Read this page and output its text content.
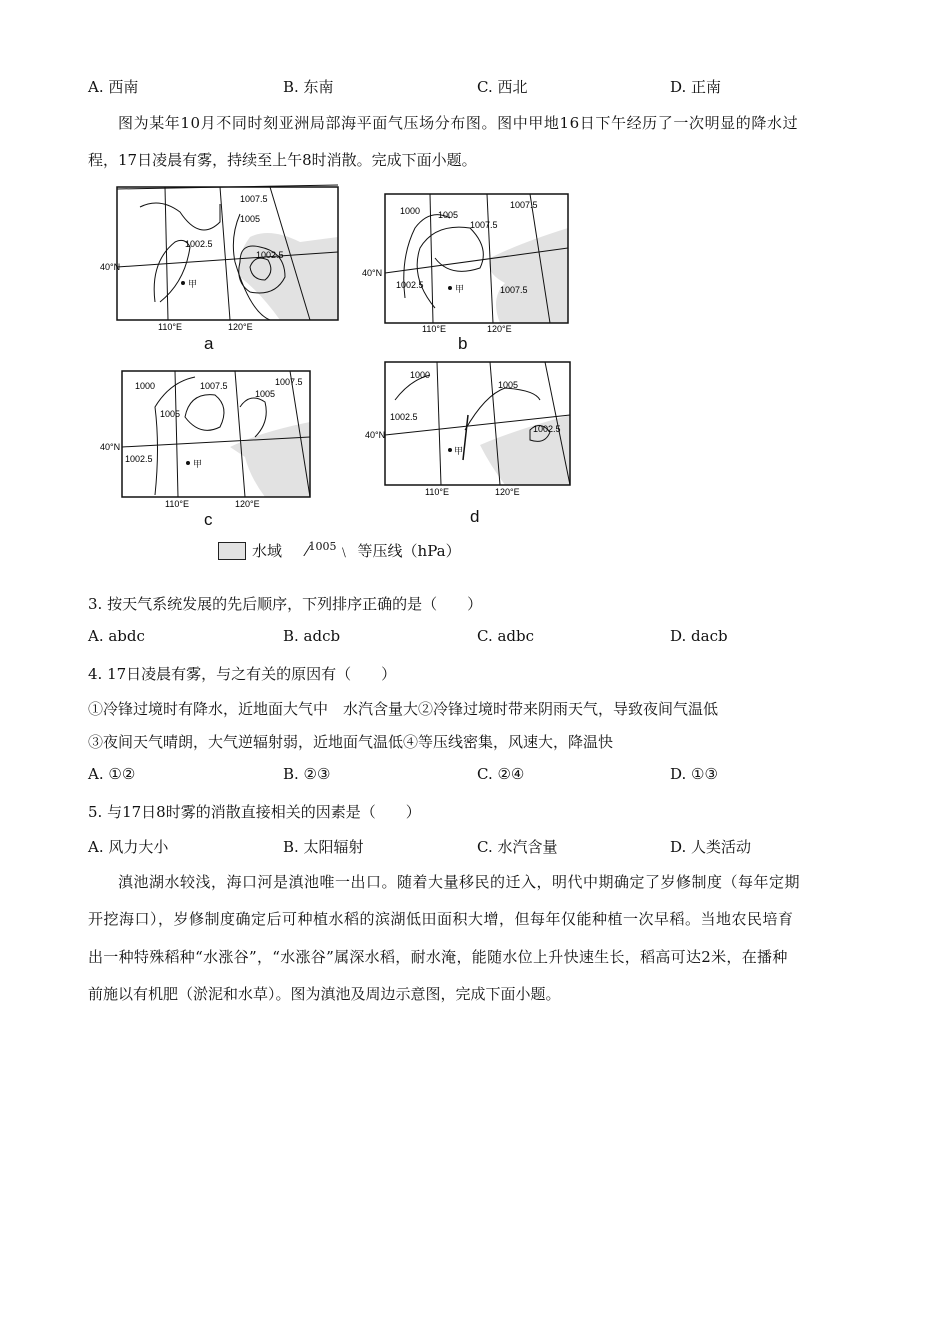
A. 西南	B. 东南	C. 西北	D. 正南
图为某年10月不同时刻亚洲局部海平面气压场分布图。图中甲地16日下午经历了一次明显的降水过
程，17日凌晨有雾，持续至上午8时消散。完成下面小题。
1007.5
1005
1002.5
1002.5
40°N
甲
110°E	120°E
a
1000 1005
1007.5
1007.5
1002.5	1007.5
40°N
甲
110°E	120°E
b
1000	1007.5
1005
1007.5
1005
1002.5
40°N
甲
110°E	120°E
c
1000
1005
1002.5
1002.5
40°N
甲
110°E	120°E
d
水域 ⁄$^{1005}$﹨ 等压线（hPa）
3. 按天气系统发展的先后顺序，下列排序正确的是（　　）
A. abdc	B. adcb	C. adbc	D. dacb
4. 17日凌晨有雾，与之有关的原因有（　　）
①冷锋过境时有降水，近地面大气中　水汽含量大②冷锋过境时带来阴雨天气，导致夜间气温低
③夜间天气晴朗，大气逆辐射弱，近地面气温低④等压线密集，风速大，降温快
A. ①②	B. ②③	C. ②④	D. ①③
5. 与17日8时雾的消散直接相关的因素是（　　）
A. 风力大小	B. 太阳辐射	C. 水汽含量	D. 人类活动
滇池湖水较浅，海口河是滇池唯一出口。随着大量移民的迁入，明代中期确定了岁修制度（每年定期
开挖海口），岁修制度确定后可种植水稻的滨湖低田面积大增，但每年仅能种植一次早稻。当地农民培育
出一种特殊稻种“水涨谷”，“水涨谷”属深水稻，耐水淹，能随水位上升快速生长，稻高可达2米，在播种
前施以有机肥（淤泥和水草）。图为滇池及周边示意图，完成下面小题。
